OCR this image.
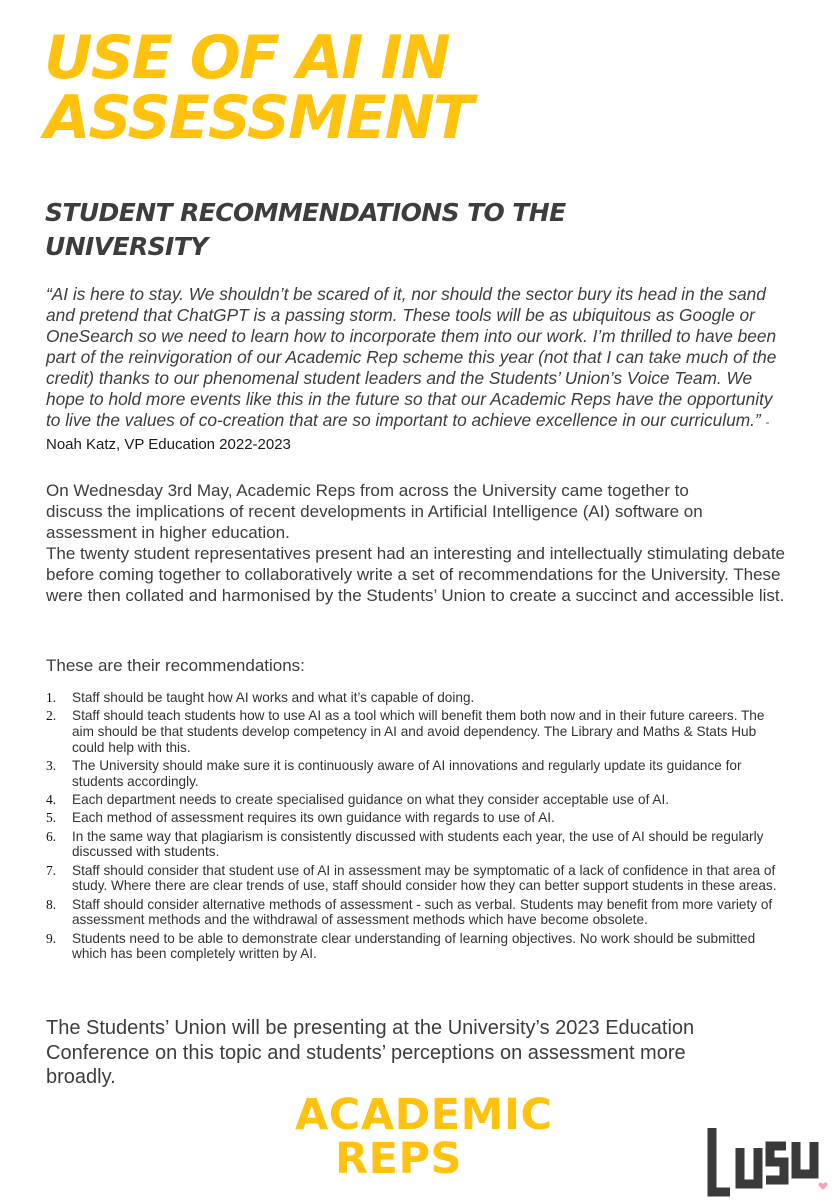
USE OF AI IN ASSESSMENT
STUDENT RECOMMENDATIONS TO THE UNIVERSITY
“AI is here to stay. We shouldn’t be scared of it, nor should the sector bury its head in the sand and pretend that ChatGPT is a passing storm. These tools will be as ubiquitous as Google or OneSearch so we need to learn how to incorporate them into our work. I’m thrilled to have been part of the reinvigoration of our Academic Rep scheme this year (not that I can take much of the credit) thanks to our phenomenal student leaders and the Students’ Union’s Voice Team. We hope to hold more events like this in the future so that our Academic Reps have the opportunity to live the values of co-creation that are so important to achieve excellence in our curriculum.” - Noah Katz, VP Education 2022-2023

On Wednesday 3rd May, Academic Reps from across the University came together to discuss the implications of recent developments in Artificial Intelligence (AI) software on assessment in higher education.

The twenty student representatives present had an interesting and intellectually stimulating debate before coming together to collaboratively write a set of recommendations for the University. These were then collated and harmonised by the Students’ Union to create a succinct and accessible list.

These are their recommendations:
1.	Staff should be taught how AI works and what it’s capable of doing.
2.	Staff should teach students how to use AI as a tool which will benefit them both now and in their future careers. The aim should be that students develop competency in AI and avoid dependency. The Library and Maths & Stats Hub could help with this.
3.	The University should make sure it is continuously aware of AI innovations and regularly update its guidance for students accordingly.
4.	Each department needs to create specialised guidance on what they consider acceptable use of AI.
5.	Each method of assessment requires its own guidance with regards to use of AI.
6.	In the same way that plagiarism is consistently discussed with students each year, the use of AI should be regularly discussed with students.
7.	Staff should consider that student use of AI in assessment may be symptomatic of a lack of confidence in that area of study. Where there are clear trends of use, staff should consider how they can better support students in these areas.
8.	Staff should consider alternative methods of assessment - such as verbal. Students may benefit from more variety of assessment methods and the withdrawal of assessment methods which have become obsolete.
9.	Students need to be able to demonstrate clear understanding of learning objectives. No work should be submitted which has been completely written by AI.
The Students’ Union will be presenting at the University’s 2023 Education Conference on this topic and students’ perceptions on assessment more broadly.
ACADEMIC
REPS
